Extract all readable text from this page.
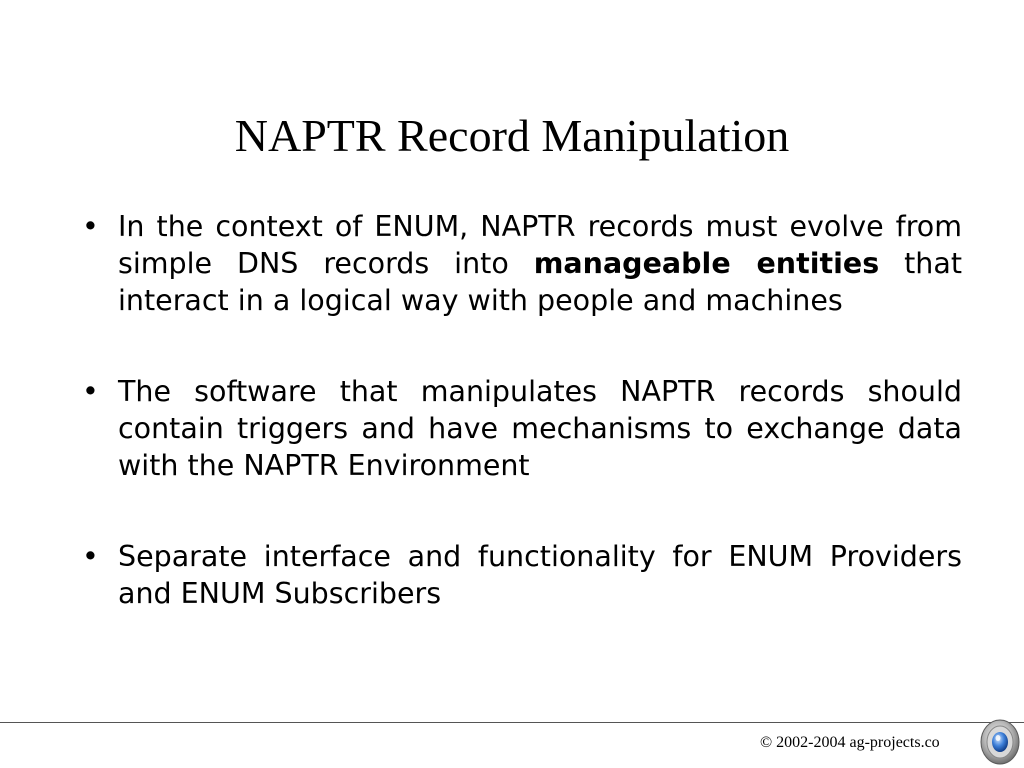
NAPTR Record Manipulation
• In the context of ENUM, NAPTR records must evolve from simple DNS records into manageable entities that interact in a logical way with people and machines
• The software that manipulates NAPTR records should contain triggers and have mechanisms to exchange data with the NAPTR Environment
• Separate interface and functionality for ENUM Providers and ENUM Subscribers
© 2002-2004 ag-projects.co
